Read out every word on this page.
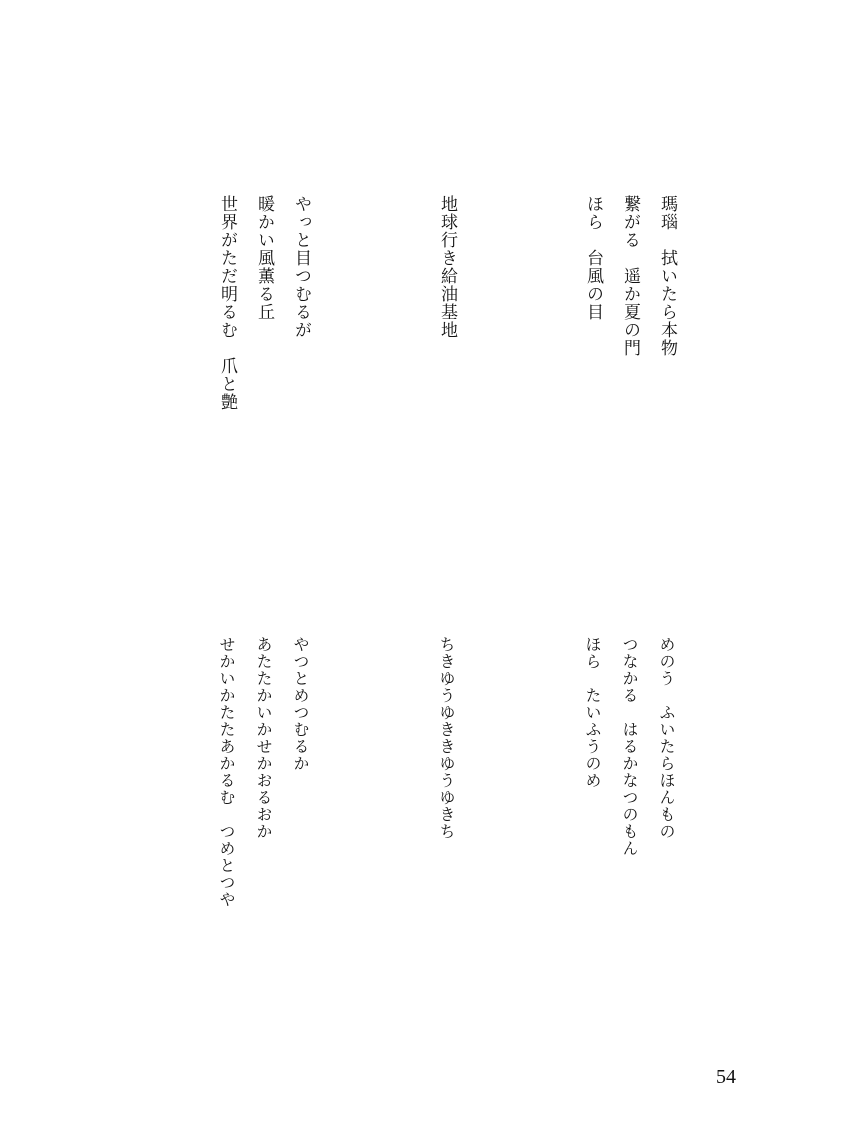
瑪瑙　拭いたら本物
繋がる　遥か夏の門
ほら　台風の目
地球行き給油基地
やっと目つむるが
暖かい風薫る丘
世界がただ明るむ　爪と艶
めのう　ふいたらほんもの
つなかる　はるかなつのもん
ほら　たいふうのめ
ちきゆうゆききゆうゆきち
やつとめつむるか
あたたかいかせかおるおか
せかいかたたあかるむ　つめとつや
54
